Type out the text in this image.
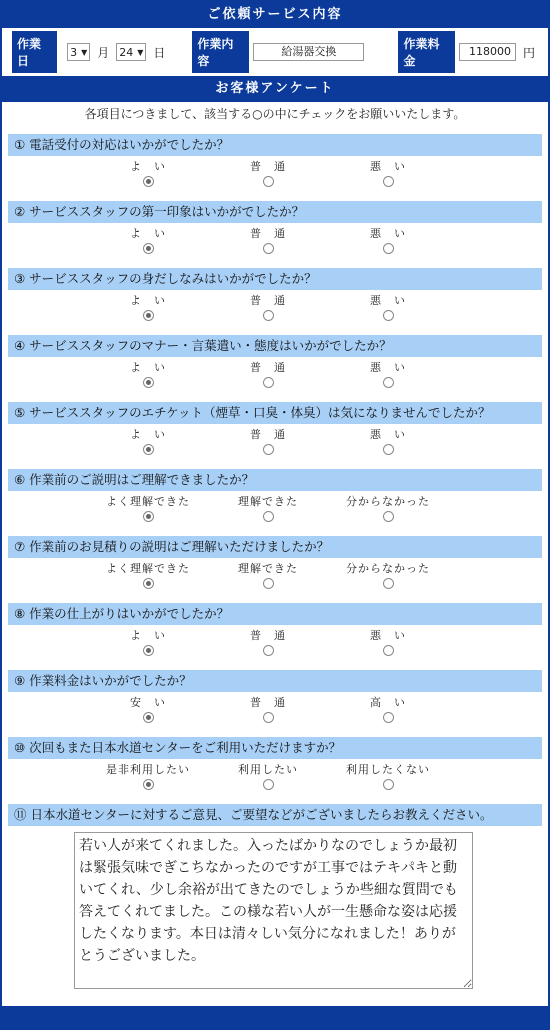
ご依頼サービス内容
作業日
3 ▼ 月 24 ▼ 日
作業内容
給湯器交換
作業料金
118000	円
お客様アンケート
各項目につきまして、該当する○の中にチェックをお願いいたします。
① 電話受付の対応はいかがでしたか？
よ　い	普　通	悪　い
② サービススタッフの第一印象はいかがでしたか？
よ　い	普　通	悪　い
③ サービススタッフの身だしなみはいかがでしたか？
よ　い	普　通	悪　い
④ サービススタッフのマナー・言葉遣い・態度はいかがでしたか？
よ　い	普　通	悪　い
⑤ サービススタッフのエチケット（煙草・口臭・体臭）は気になりませんでしたか？
よ　い	普　通	悪　い
⑥ 作業前のご説明はご理解できましたか？
よく理解できた	理解できた	分からなかった
⑦ 作業前のお見積りの説明はご理解いただけましたか？
よく理解できた	理解できた	分からなかった
⑧ 作業の仕上がりはいかがでしたか？
よ　い	普　通	悪　い
⑨ 作業料金はいかがでしたか？
安　い	普　通	高　い
⑩ 次回もまた日本水道センターをご利用いただけますか？
是非利用したい	利用したい	利用したくない
⑪ 日本水道センターに対するご意見、ご要望などがございましたらお教えください。
若い人が来てくれました。入ったばかりなのでしょうか最初は緊張気味でぎこちなかったのですが工事ではテキパキと動いてくれ、少し余裕が出てきたのでしょうか些細な質問でも答えてくれてました。この様な若い人が一生懸命な姿は応援したくなります。本日は清々しい気分になれました！ありがとうございました。
